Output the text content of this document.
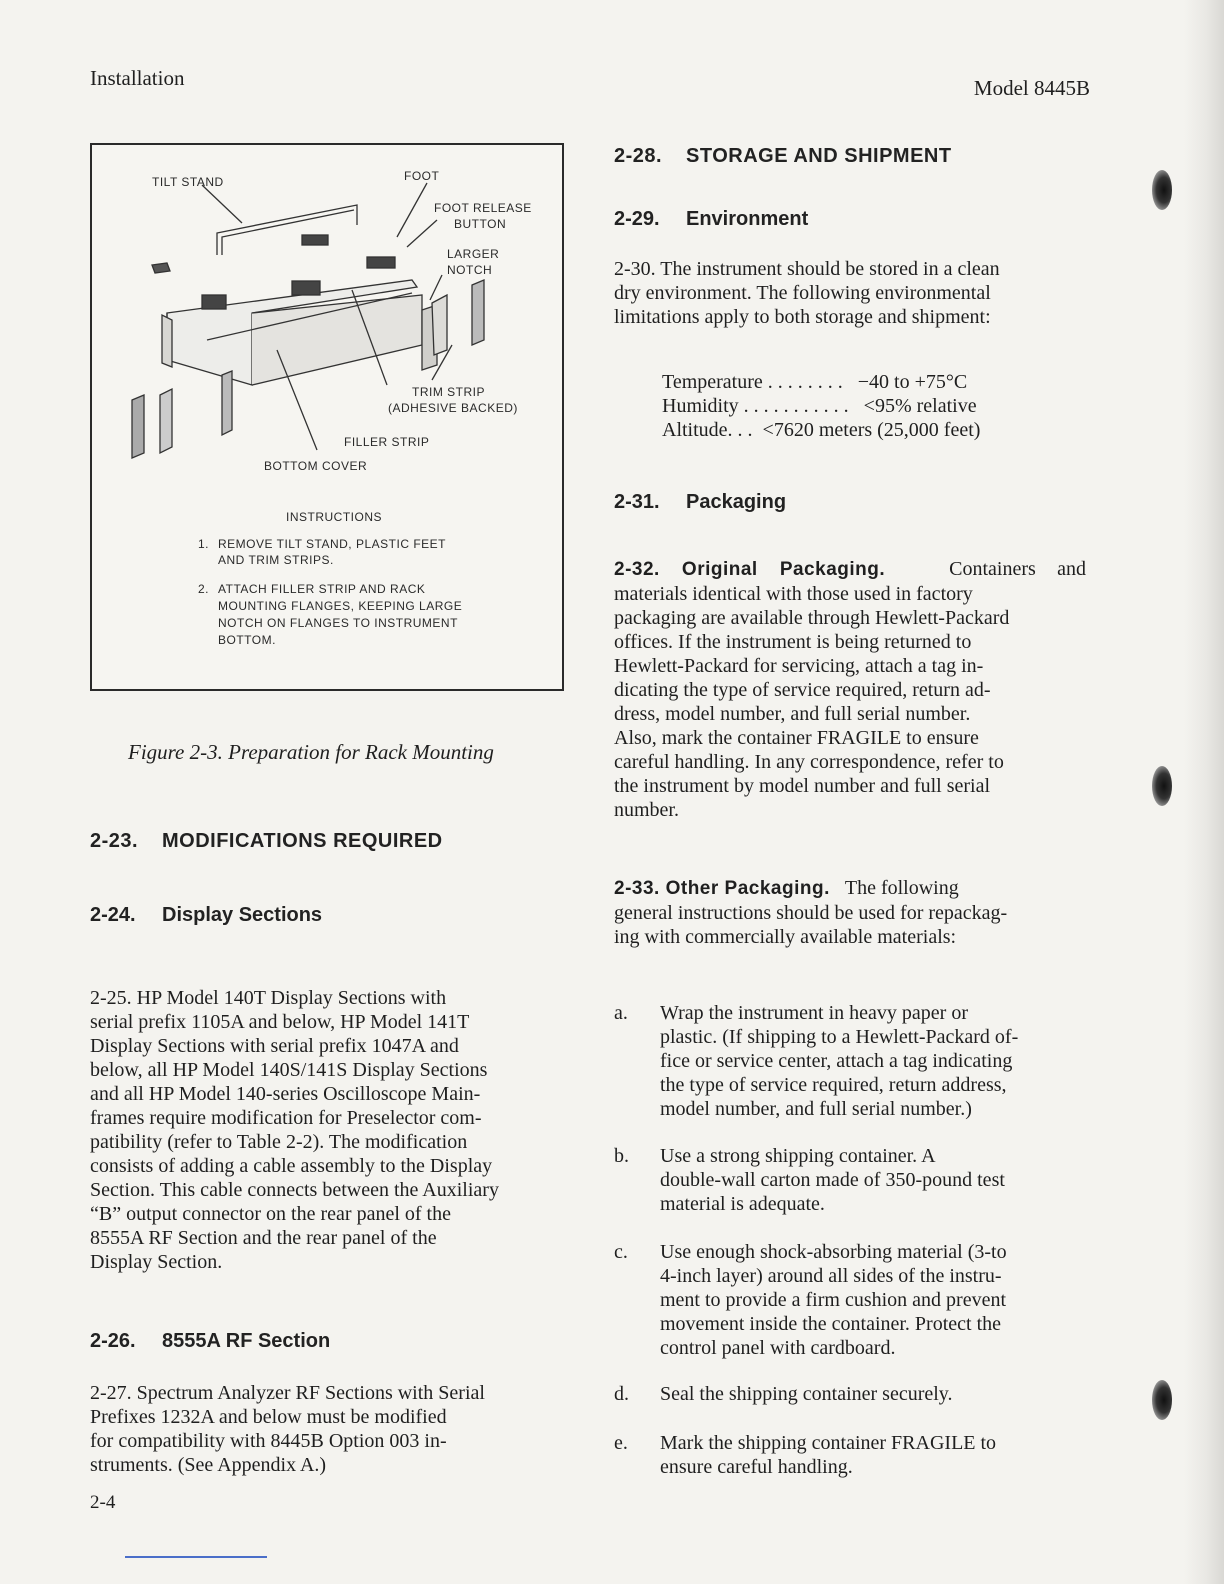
Installation	Model 8445B
TILT STAND	FOOT
FOOT RELEASE
BUTTON
LARGER
NOTCH
TRIM STRIP
(ADHESIVE BACKED)
FILLER STRIP
BOTTOM COVER
INSTRUCTIONS
1. REMOVE TILT STAND, PLASTIC FEET
AND TRIM STRIPS.
2. ATTACH FILLER STRIP AND RACK
MOUNTING FLANGES, KEEPING LARGE
NOTCH ON FLANGES TO INSTRUMENT
BOTTOM.
Figure 2-3. Preparation for Rack Mounting
2-23. MODIFICATIONS REQUIRED
2-24. Display Sections
2-25. HP Model 140T Display Sections with
serial prefix 1105A and below, HP Model 141T
Display Sections with serial prefix 1047A and
below, all HP Model 140S/141S Display Sections
and all HP Model 140-series Oscilloscope Main-
frames require modification for Preselector com-
patibility (refer to Table 2-2). The modification
consists of adding a cable assembly to the Display
Section. This cable connects between the Auxiliary
“B” output connector on the rear panel of the
8555A RF Section and the rear panel of the
Display Section.
2-26. 8555A RF Section
2-27. Spectrum Analyzer RF Sections with Serial
Prefixes 1232A and below must be modified
for compatibility with 8445B Option 003 in-
struments. (See Appendix A.)
2-4
2-28. STORAGE AND SHIPMENT
2-29. Environment
2-30. The instrument should be stored in a clean
dry environment. The following environmental
limitations apply to both storage and shipment:
Temperature . . . . . . . .   −40 to +75°C
Humidity . . . . . . . . . . .   <95% relative
Altitude. . .  <7620 meters (25,000 feet)
2-31. Packaging
2-32. Original Packaging.	Containers and
materials identical with those used in factory
packaging are available through Hewlett-Packard
offices. If the instrument is being returned to
Hewlett-Packard for servicing, attach a tag in-
dicating the type of service required, return ad-
dress, model number, and full serial number.
Also, mark the container FRAGILE to ensure
careful handling. In any correspondence, refer to
the instrument by model number and full serial
number.
2-33. Other Packaging. The following
general instructions should be used for repackag-
ing with commercially available materials:
a. Wrap the instrument in heavy paper or
plastic. (If shipping to a Hewlett-Packard of-
fice or service center, attach a tag indicating
the type of service required, return address,
model number, and full serial number.)
b. Use a strong shipping container. A
double-wall carton made of 350-pound test
material is adequate.
c. Use enough shock-absorbing material (3-to
4-inch layer) around all sides of the instru-
ment to provide a firm cushion and prevent
movement inside the container. Protect the
control panel with cardboard.
d. Seal the shipping container securely.
e. Mark the shipping container FRAGILE to
ensure careful handling.
